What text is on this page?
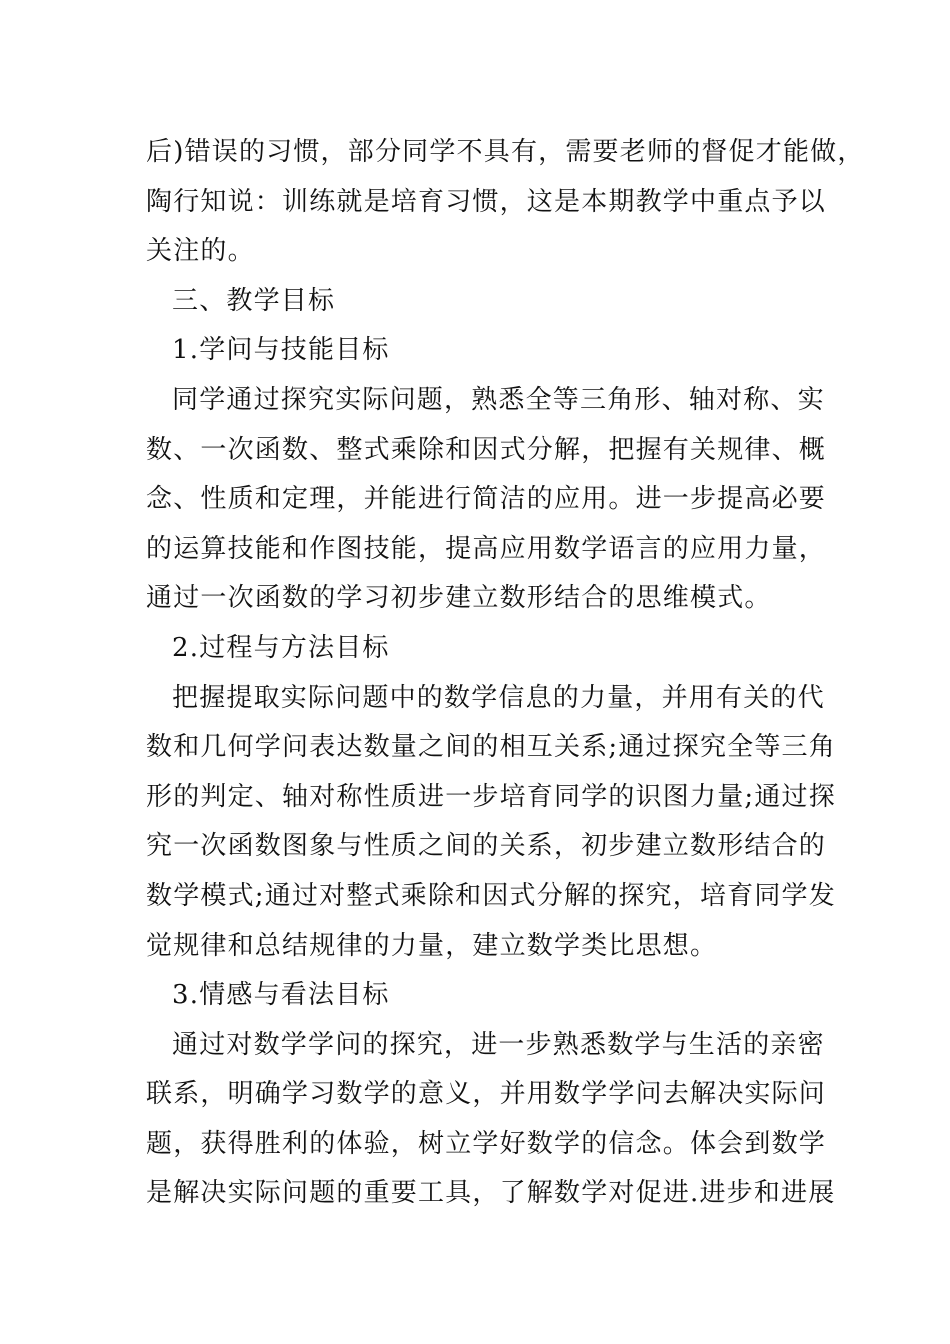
后)错误的习惯，部分同学不具有，需要老师的督促才能做，
陶行知说：训练就是培育习惯，这是本期教学中重点予以
关注的。
三、教学目标
1.学问与技能目标
同学通过探究实际问题，熟悉全等三角形、轴对称、实
数、一次函数、整式乘除和因式分解，把握有关规律、概
念、性质和定理，并能进行简洁的应用。进一步提高必要
的运算技能和作图技能，提高应用数学语言的应用力量，
通过一次函数的学习初步建立数形结合的思维模式。
2.过程与方法目标
把握提取实际问题中的数学信息的力量，并用有关的代
数和几何学问表达数量之间的相互关系;通过探究全等三角
形的判定、轴对称性质进一步培育同学的识图力量;通过探
究一次函数图象与性质之间的关系，初步建立数形结合的
数学模式;通过对整式乘除和因式分解的探究，培育同学发
觉规律和总结规律的力量，建立数学类比思想。
3.情感与看法目标
通过对数学学问的探究，进一步熟悉数学与生活的亲密
联系，明确学习数学的意义，并用数学学问去解决实际问
题，获得胜利的体验，树立学好数学的信念。体会到数学
是解决实际问题的重要工具，了解数学对促进.进步和进展
